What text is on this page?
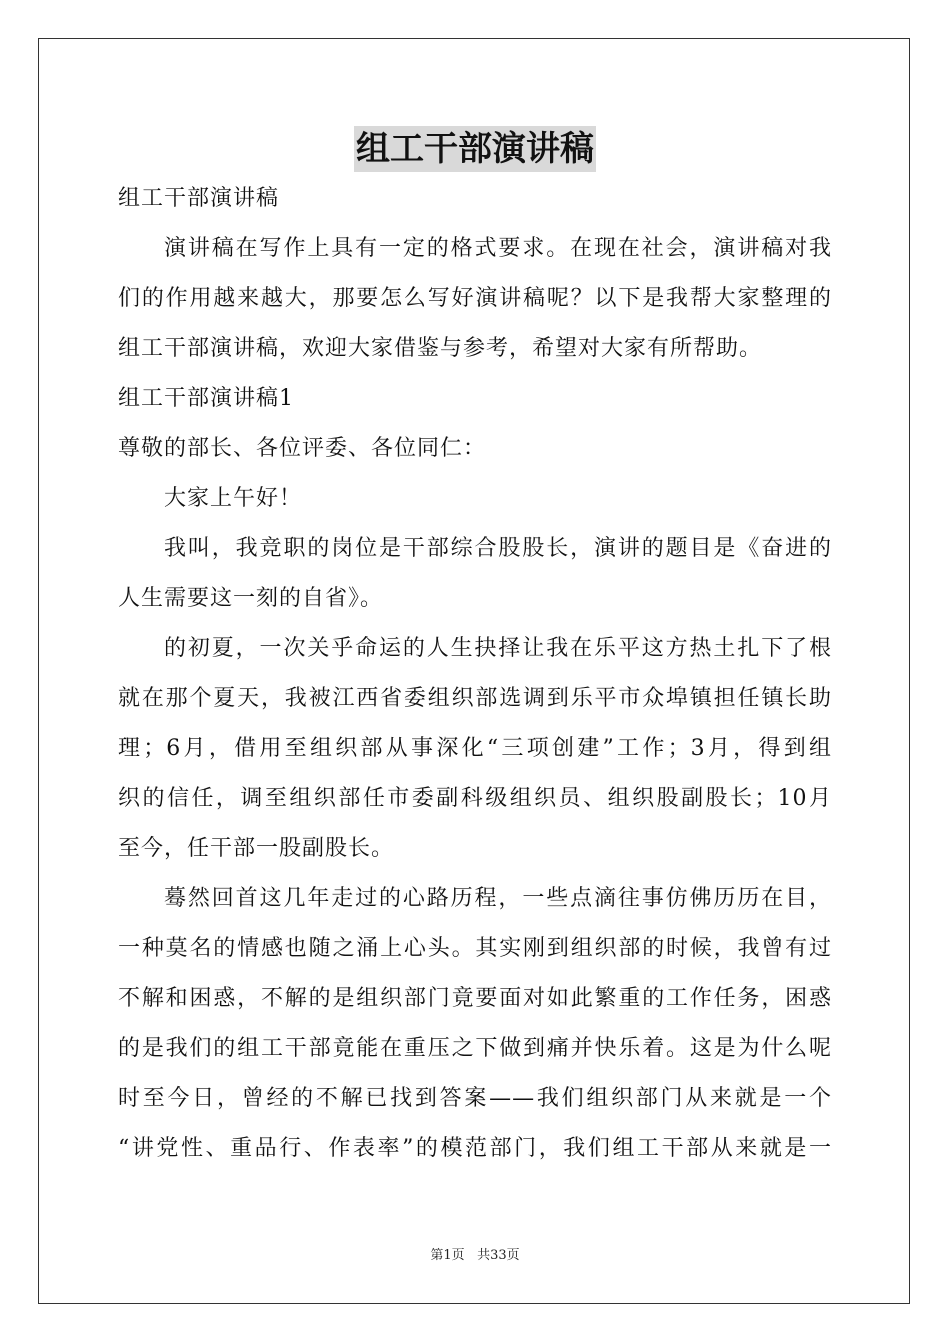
组工干部演讲稿
组工干部演讲稿
演讲稿在写作上具有一定的格式要求。在现在社会，演讲稿对我
们的作用越来越大，那要怎么写好演讲稿呢？以下是我帮大家整理的
组工干部演讲稿，欢迎大家借鉴与参考，希望对大家有所帮助。
组工干部演讲稿1
尊敬的部长、各位评委、各位同仁：
大家上午好！
我叫，我竞职的岗位是干部综合股股长，演讲的题目是《奋进的
人生需要这一刻的自省》。
的初夏，一次关乎命运的人生抉择让我在乐平这方热土扎下了根
就在那个夏天，我被江西省委组织部选调到乐平市众埠镇担任镇长助
理；6月，借用至组织部从事深化“三项创建”工作；3月，得到组
织的信任，调至组织部任市委副科级组织员、组织股副股长；10月
至今，任干部一股副股长。
蓦然回首这几年走过的心路历程，一些点滴往事仿佛历历在目，
一种莫名的情感也随之涌上心头。其实刚到组织部的时候，我曾有过
不解和困惑，不解的是组织部门竟要面对如此繁重的工作任务，困惑
的是我们的组工干部竟能在重压之下做到痛并快乐着。这是为什么呢
时至今日，曾经的不解已找到答案——我们组织部门从来就是一个
“讲党性、重品行、作表率”的模范部门，我们组工干部从来就是一
第1页 共33页
